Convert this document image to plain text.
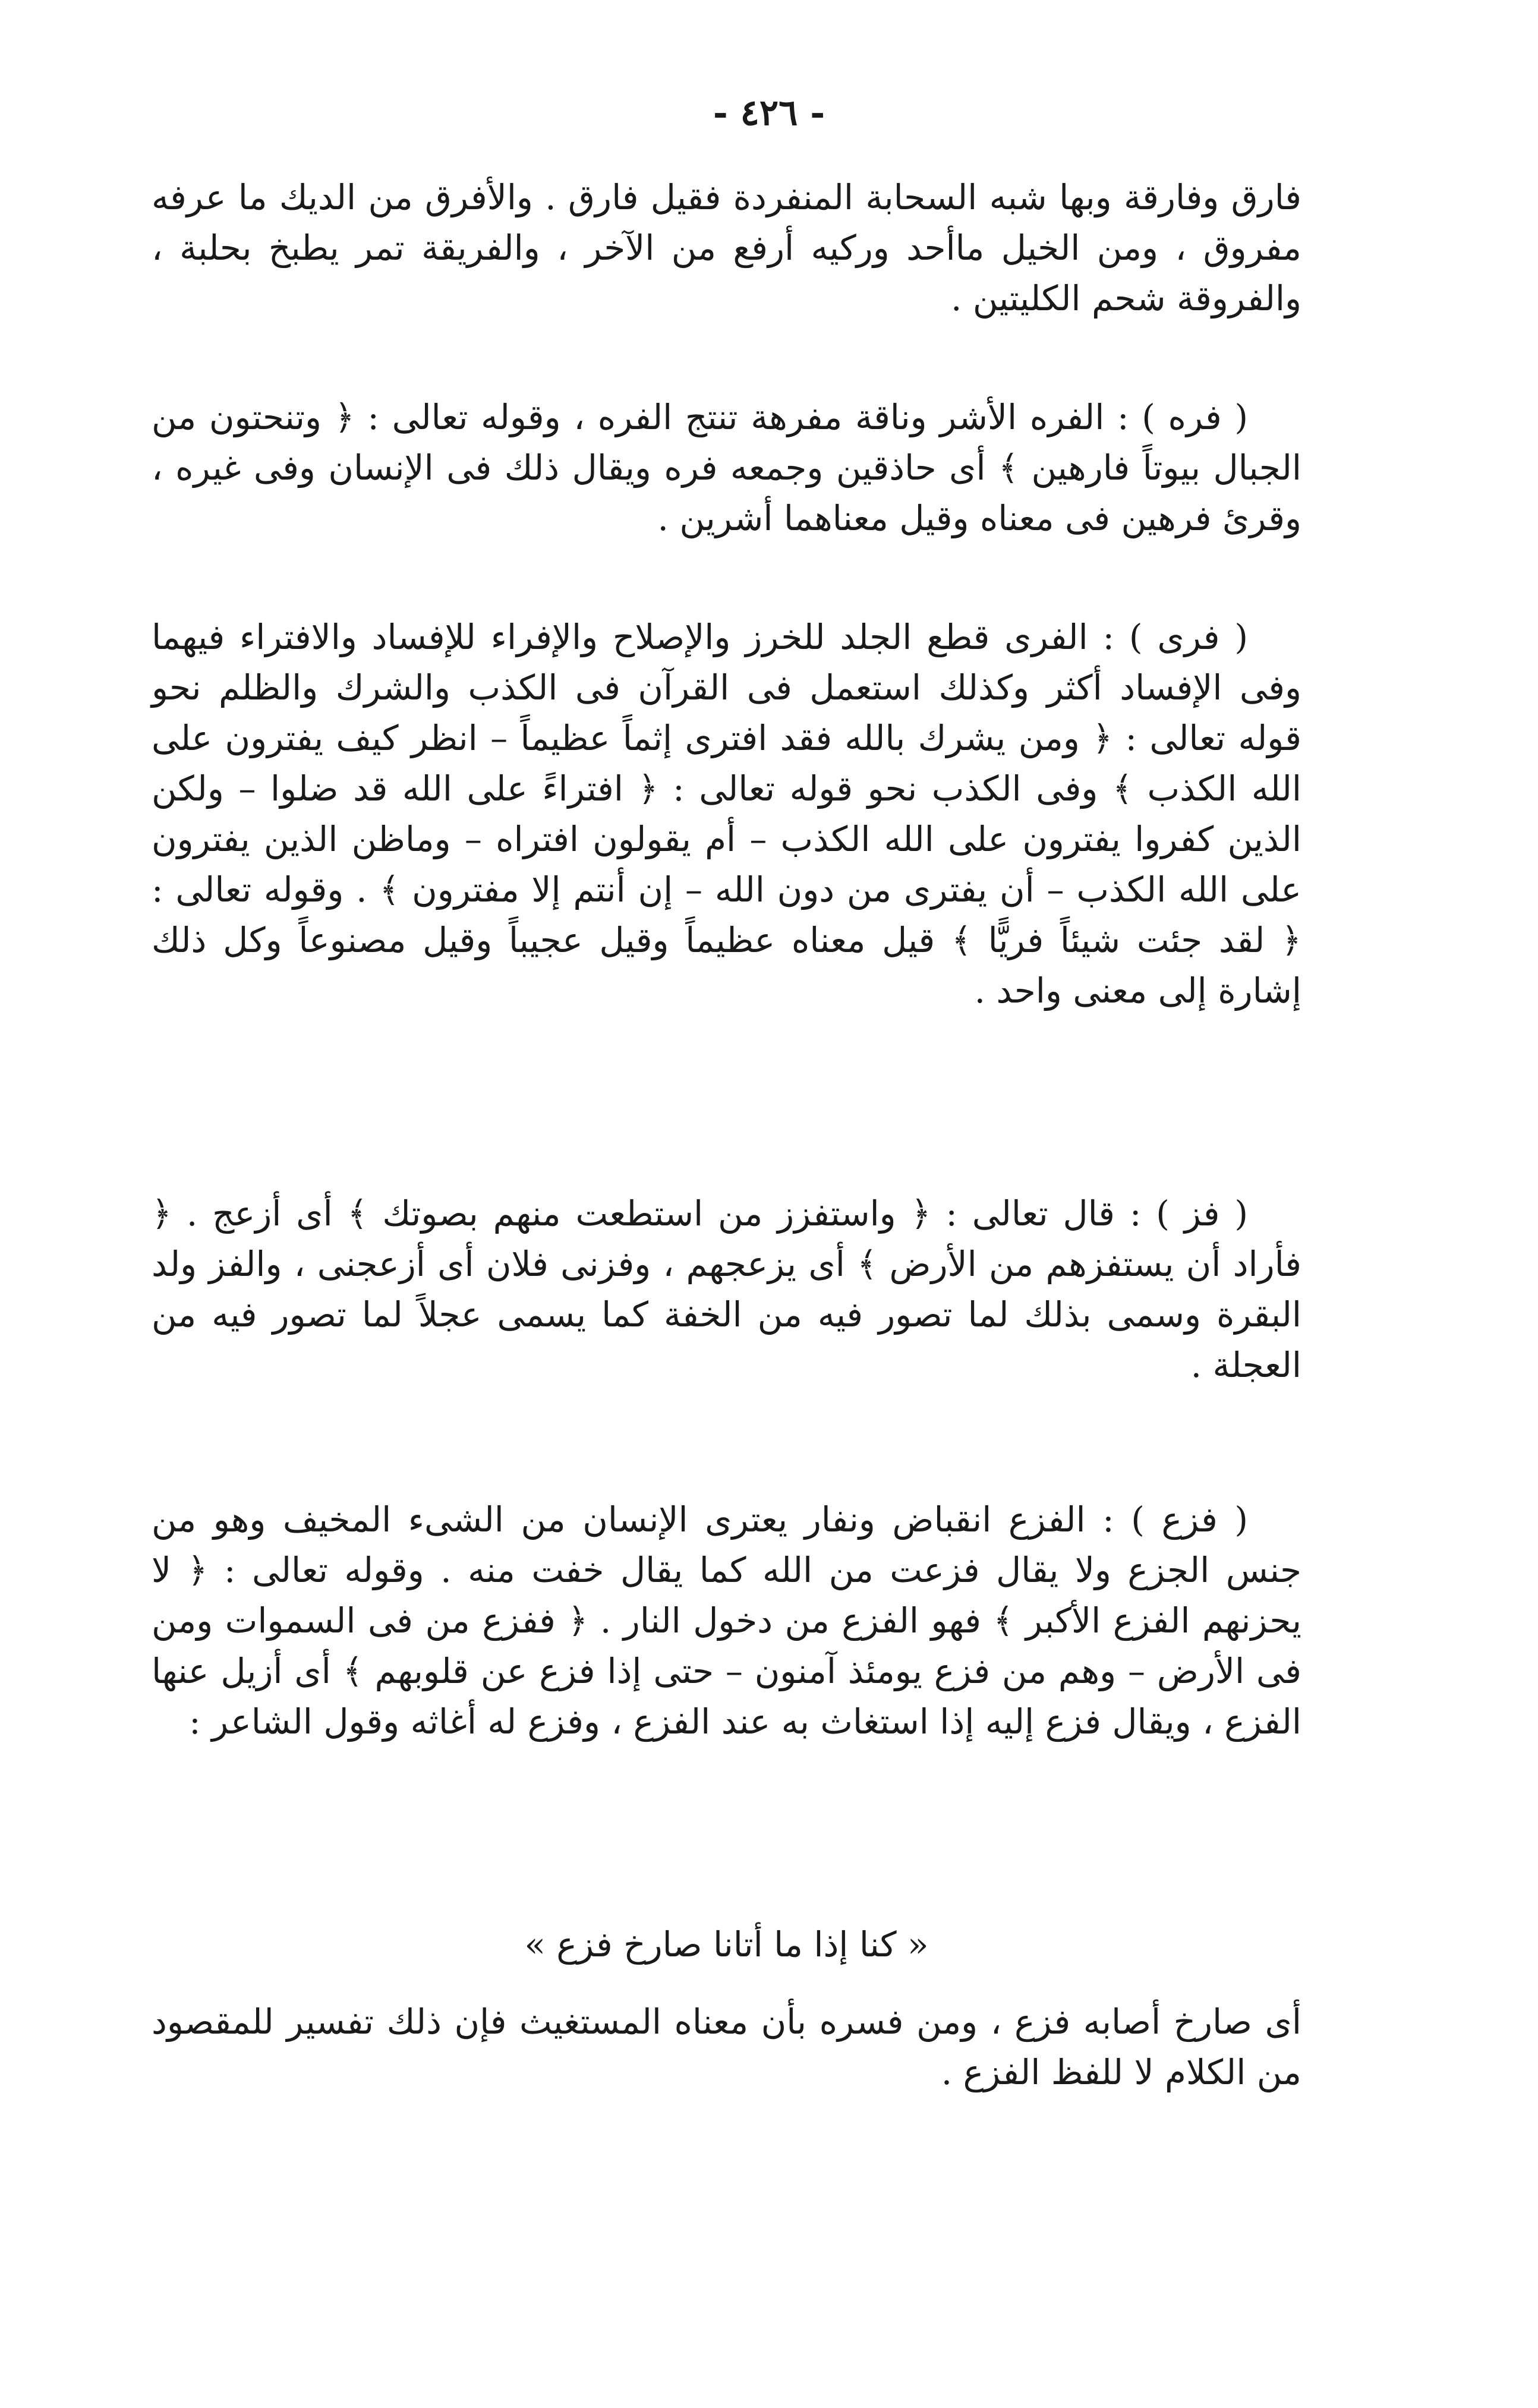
- ٤٢٦ -

فارق وفارقة وبها شبه السحابة المنفردة فقيل فارق . والأفرق من الديك ما عرفه مفروق ، ومن الخيل ماأحد وركيه أرفع من الآخر ، والفريقة تمر يطبخ بحلبة ، والفروقة شحم الكليتين .

( فره ) : الفره الأشر وناقة مفرهة تنتج الفره ، وقوله تعالى : ﴿ وتنحتون من الجبال بيوتاً فارهين ﴾ أى حاذقين وجمعه فره ويقال ذلك فى الإنسان وفى غيره ، وقرئ فرهين فى معناه وقيل معناهما أشرين .

( فرى ) : الفرى قطع الجلد للخرز والإصلاح والإفراء للإفساد والافتراء فيهما وفى الإفساد أكثر وكذلك استعمل فى القرآن فى الكذب والشرك والظلم نحو قوله تعالى : ﴿ ومن يشرك بالله فقد افترى إثماً عظيماً – انظر كيف يفترون على الله الكذب ﴾ وفى الكذب نحو قوله تعالى : ﴿ افتراءً على الله قد ضلوا – ولكن الذين كفروا يفترون على الله الكذب – أم يقولون افتراه – وماظن الذين يفترون على الله الكذب – أن يفترى من دون الله – إن أنتم إلا مفترون ﴾ . وقوله تعالى : ﴿ لقد جئت شيئاً فريًّا ﴾ قيل معناه عظيماً وقيل عجيباً وقيل مصنوعاً وكل ذلك إشارة إلى معنى واحد .

( فز ) : قال تعالى : ﴿ واستفزز من استطعت منهم بصوتك ﴾ أى أزعج . ﴿ فأراد أن يستفزهم من الأرض ﴾ أى يزعجهم ، وفزنى فلان أى أزعجنى ، والفز ولد البقرة وسمى بذلك لما تصور فيه من الخفة كما يسمى عجلاً لما تصور فيه من العجلة .

( فزع ) : الفزع انقباض ونفار يعترى الإنسان من الشىء المخيف وهو من جنس الجزع ولا يقال فزعت من الله كما يقال خفت منه . وقوله تعالى : ﴿ لا يحزنهم الفزع الأكبر ﴾ فهو الفزع من دخول النار . ﴿ ففزع من فى السموات ومن فى الأرض – وهم من فزع يومئذ آمنون – حتى إذا فزع عن قلوبهم ﴾ أى أزيل عنها الفزع ، ويقال فزع إليه إذا استغاث به عند الفزع ، وفزع له أغاثه وقول الشاعر :

« كنا إذا ما أتانا صارخ فزع »

أى صارخ أصابه فزع ، ومن فسره بأن معناه المستغيث فإن ذلك تفسير للمقصود من الكلام لا للفظ الفزع .
